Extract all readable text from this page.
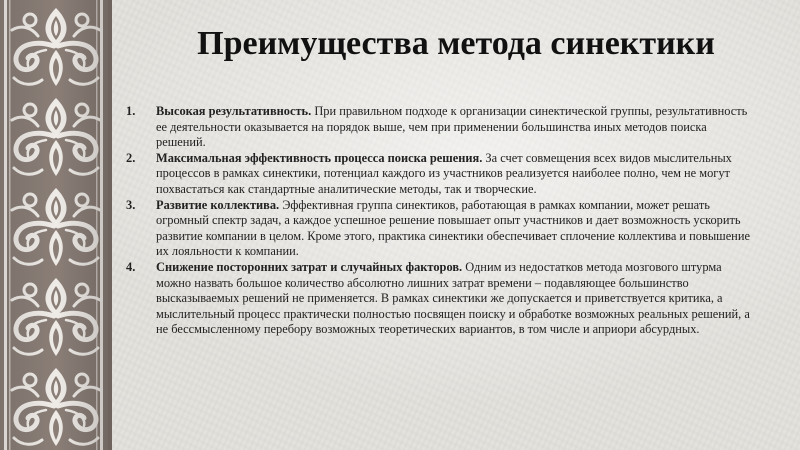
Преимущества метода синектики
1. Высокая результативность. При правильном подходе к организации синектической группы, результативность ее деятельности оказывается на порядок выше, чем при применении большинства иных методов поиска решений.
2. Максимальная эффективность процесса поиска решения. За счет совмещения всех видов мыслительных процессов в рамках синектики, потенциал каждого из участников реализуется наиболее полно, чем не могут похвастаться как стандартные аналитические методы, так и творческие.
3. Развитие коллектива. Эффективная группа синектиков, работающая в рамках компании, может решать огромный спектр задач, а каждое успешное решение повышает опыт участников и дает возможность ускорить развитие компании в целом. Кроме этого, практика синектики обеспечивает сплочение коллектива и повышение их лояльности к компании.
4. Снижение посторонних затрат и случайных факторов. Одним из недостатков метода мозгового штурма можно назвать большое количество абсолютно лишних затрат времени – подавляющее большинство высказываемых решений не применяется. В рамках синектики же допускается и приветствуется критика, а мыслительный процесс практически полностью посвящен поиску и обработке возможных реальных решений, а не бессмысленному перебору возможных теоретических вариантов, в том числе и априори абсурдных.
